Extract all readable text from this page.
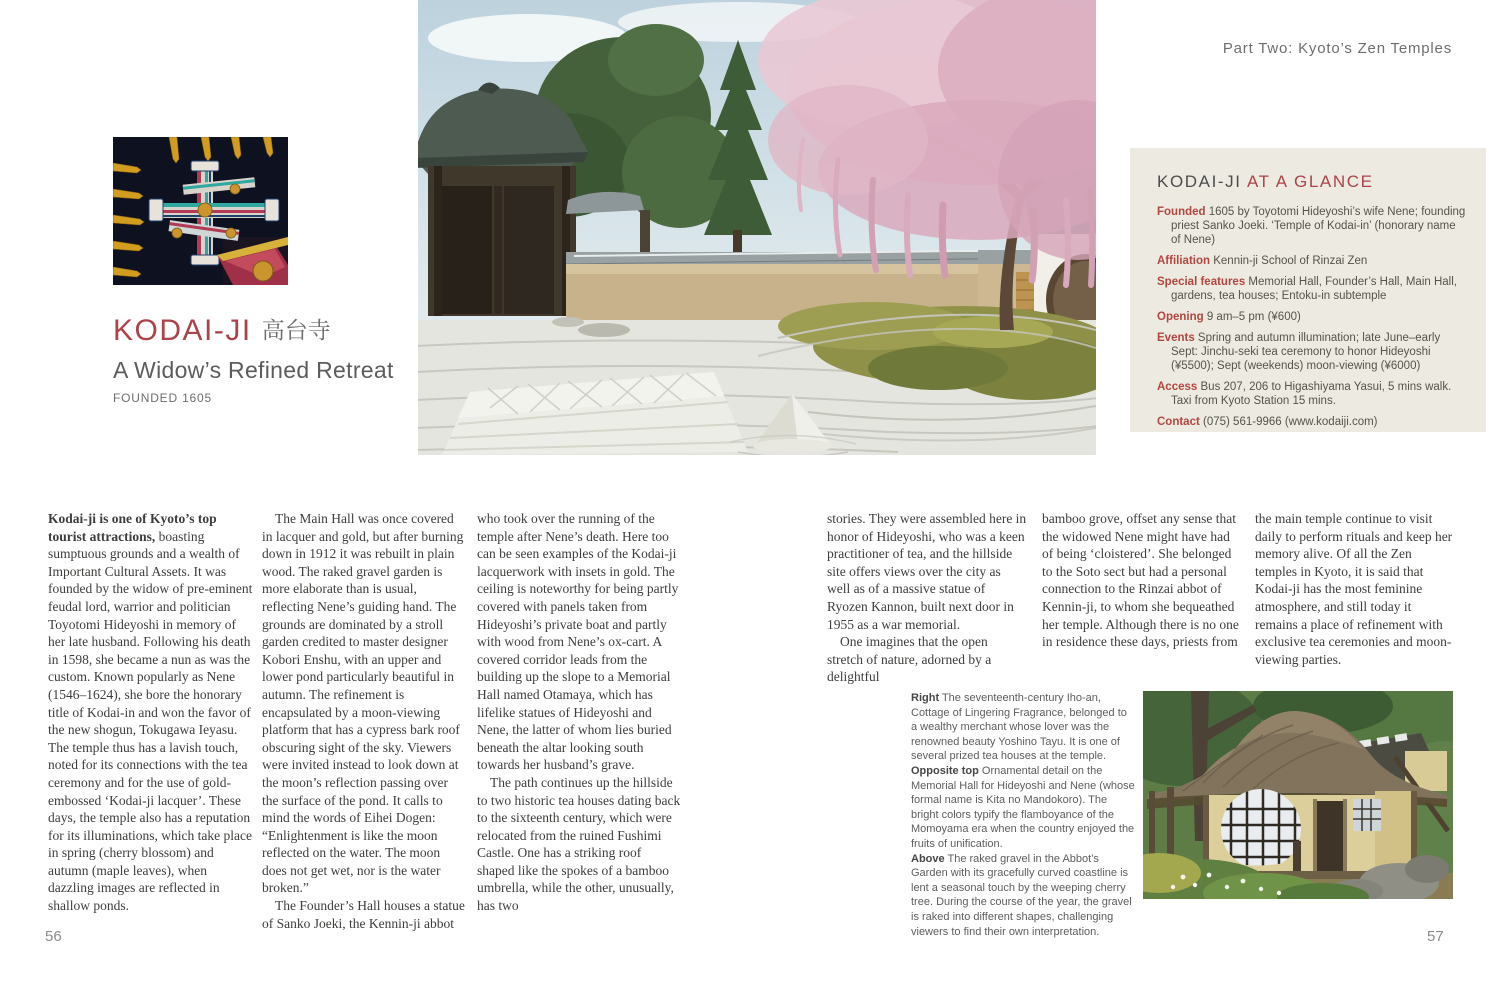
Part Two: Kyoto’s Zen Temples
KODAI-JI 高台寺
A Widow’s Refined Retreat
FOUNDED 1605
KODAI-JI AT A GLANCE
Founded 1605 by Toyotomi Hideyoshi’s wife Nene; founding priest Sanko Joeki. ‘Temple of Kodai-in’ (honorary name of Nene)
Affiliation Kennin-ji School of Rinzai Zen
Special features Memorial Hall, Founder’s Hall, Main Hall, gardens, tea houses; Entoku-in subtemple
Opening 9 am–5 pm (¥600)
Events Spring and autumn illumination; late June–early Sept: Jinchu-seki tea ceremony to honor Hideyoshi (¥5500); Sept (weekends) moon-viewing (¥6000)
Access Bus 207, 206 to Higashiyama Yasui, 5 mins walk. Taxi from Kyoto Station 15 mins.
Contact (075) 561-9966 (www.kodaiji.com)

Kodai-ji is one of Kyoto’s top tourist attractions, boasting sumptuous grounds and a wealth of Important Cultural Assets. It was founded by the widow of pre-eminent feudal lord, warrior and politician Toyotomi Hideyoshi in memory of her late husband. Following his death in 1598, she became a nun as was the custom. Known popularly as Nene (1546–1624), she bore the honorary title of Kodai-in and won the favor of the new shogun, Tokugawa Ieyasu. The temple thus has a lavish touch, noted for its connections with the tea ceremony and for the use of gold-embossed ‘Kodai-ji lacquer’. These days, the temple also has a reputation for its illuminations, which take place in spring (cherry blossom) and autumn (maple leaves), when dazzling images are reflected in shallow ponds.

The Main Hall was once covered in lacquer and gold, but after burning down in 1912 it was rebuilt in plain wood. The raked gravel garden is more elaborate than is usual, reflecting Nene’s guiding hand. The grounds are dominated by a stroll garden credited to master designer Kobori Enshu, with an upper and lower pond particularly beautiful in autumn. The refinement is encapsulated by a moon-viewing platform that has a cypress bark roof obscuring sight of the sky. Viewers were invited instead to look down at the moon’s reflection passing over the surface of the pond. It calls to mind the words of Eihei Dogen: “Enlightenment is like the moon reflected on the water. The moon does not get wet, nor is the water broken.”

The Founder’s Hall houses a statue of Sanko Joeki, the Kennin-ji abbot

who took over the running of the temple after Nene’s death. Here too can be seen examples of the Kodai-ji lacquerwork with insets in gold. The ceiling is noteworthy for being partly covered with panels taken from Hideyoshi’s private boat and partly with wood from Nene’s ox-cart. A covered corridor leads from the building up the slope to a Memorial Hall named Otamaya, which has lifelike statues of Hideyoshi and Nene, the latter of whom lies buried beneath the altar looking south towards her husband’s grave.

The path continues up the hillside to two historic tea houses dating back to the sixteenth century, which were relocated from the ruined Fushimi Castle. One has a striking roof shaped like the spokes of a bamboo umbrella, while the other, unusually, has two

stories. They were assembled here in honor of Hideyoshi, who was a keen practitioner of tea, and the hillside site offers views over the city as well as of a massive statue of Ryozen Kannon, built next door in 1955 as a war memorial.

One imagines that the open stretch of nature, adorned by a delightful

bamboo grove, offset any sense that the widowed Nene might have had of being ‘cloistered’. She belonged to the Soto sect but had a personal connection to the Rinzai abbot of Kennin-ji, to whom she bequeathed her temple. Although there is no one in residence these days, priests from

the main temple continue to visit daily to perform rituals and keep her memory alive. Of all the Zen temples in Kyoto, it is said that Kodai-ji has the most feminine atmosphere, and still today it remains a place of refinement with exclusive tea ceremonies and moon-viewing parties.

Right The seventeenth-century Iho-an, Cottage of Lingering Fragrance, belonged to a wealthy merchant whose lover was the renowned beauty Yoshino Tayu. It is one of several prized tea houses at the temple.

Opposite top Ornamental detail on the Memorial Hall for Hideyoshi and Nene (whose formal name is Kita no Mandokoro). The bright colors typify the flamboyance of the Momoyama era when the country enjoyed the fruits of unification.

Above The raked gravel in the Abbot’s Garden with its gracefully curved coastline is lent a seasonal touch by the weeping cherry tree. During the course of the year, the gravel is raked into different shapes, challenging viewers to find their own interpretation.

56	57
